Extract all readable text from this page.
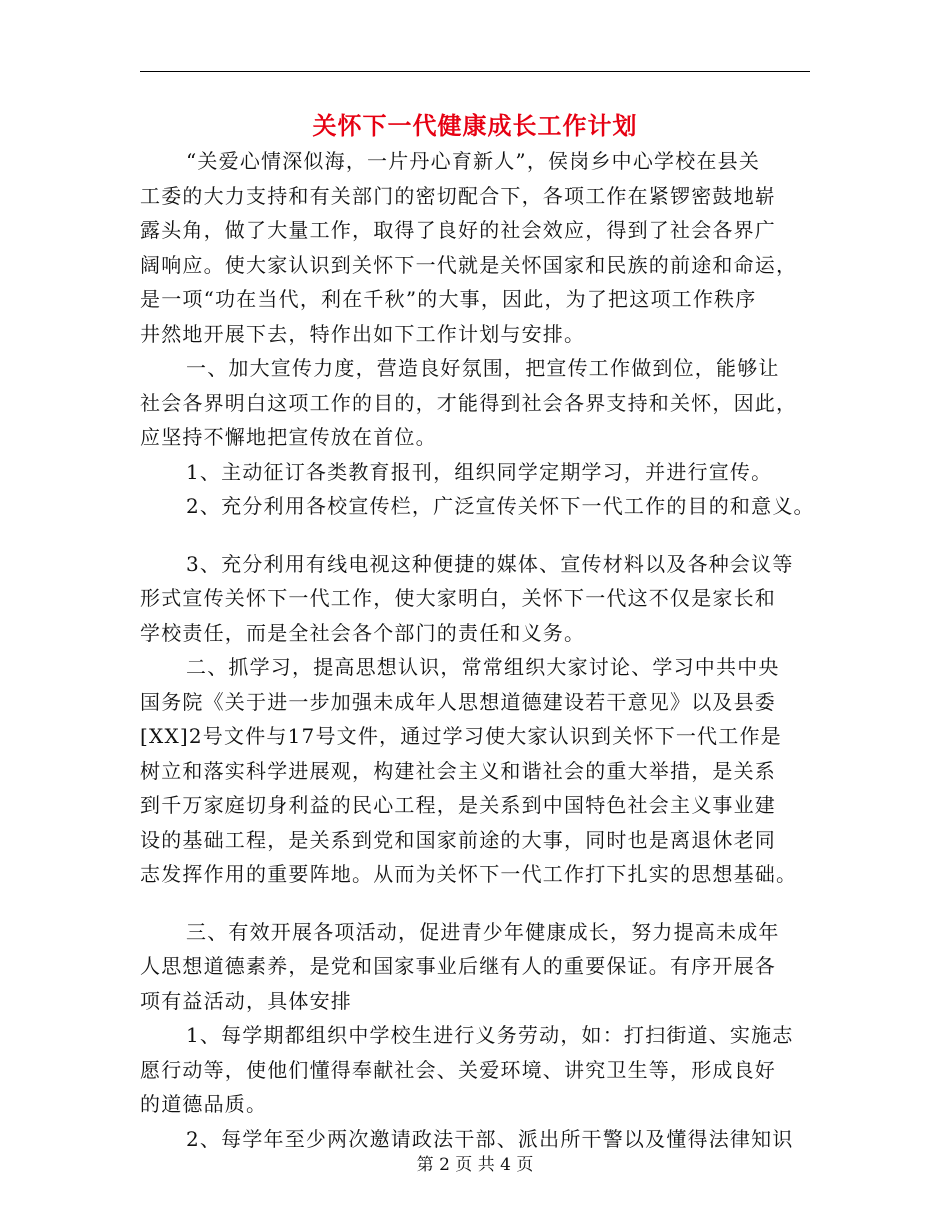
关怀下一代健康成长工作计划
“关爱心情深似海，一片丹心育新人”，侯岗乡中心学校在县关
工委的大力支持和有关部门的密切配合下，各项工作在紧锣密鼓地崭
露头角，做了大量工作，取得了良好的社会效应，得到了社会各界广
阔响应。使大家认识到关怀下一代就是关怀国家和民族的前途和命运，
是一项“功在当代，利在千秋”的大事，因此，为了把这项工作秩序
井然地开展下去，特作出如下工作计划与安排。
一、加大宣传力度，营造良好氛围，把宣传工作做到位，能够让
社会各界明白这项工作的目的，才能得到社会各界支持和关怀，因此，
应坚持不懈地把宣传放在首位。
1、主动征订各类教育报刊，组织同学定期学习，并进行宣传。
2、充分利用各校宣传栏，广泛宣传关怀下一代工作的目的和意义。
3、充分利用有线电视这种便捷的媒体、宣传材料以及各种会议等
形式宣传关怀下一代工作，使大家明白，关怀下一代这不仅是家长和
学校责任，而是全社会各个部门的责任和义务。
二、抓学习，提高思想认识，常常组织大家讨论、学习中共中央
国务院《关于进一步加强未成年人思想道德建设若干意见》以及县委
[XX]2号文件与17号文件，通过学习使大家认识到关怀下一代工作是
树立和落实科学进展观，构建社会主义和谐社会的重大举措，是关系
到千万家庭切身利益的民心工程，是关系到中国特色社会主义事业建
设的基础工程，是关系到党和国家前途的大事，同时也是离退休老同
志发挥作用的重要阵地。从而为关怀下一代工作打下扎实的思想基础。
三、有效开展各项活动，促进青少年健康成长，努力提高未成年
人思想道德素养，是党和国家事业后继有人的重要保证。有序开展各
项有益活动，具体安排
1、每学期都组织中学校生进行义务劳动，如：打扫街道、实施志
愿行动等，使他们懂得奉献社会、关爱环境、讲究卫生等，形成良好
的道德品质。
2、每学年至少两次邀请政法干部、派出所干警以及懂得法律知识
第 2 页 共 4 页
